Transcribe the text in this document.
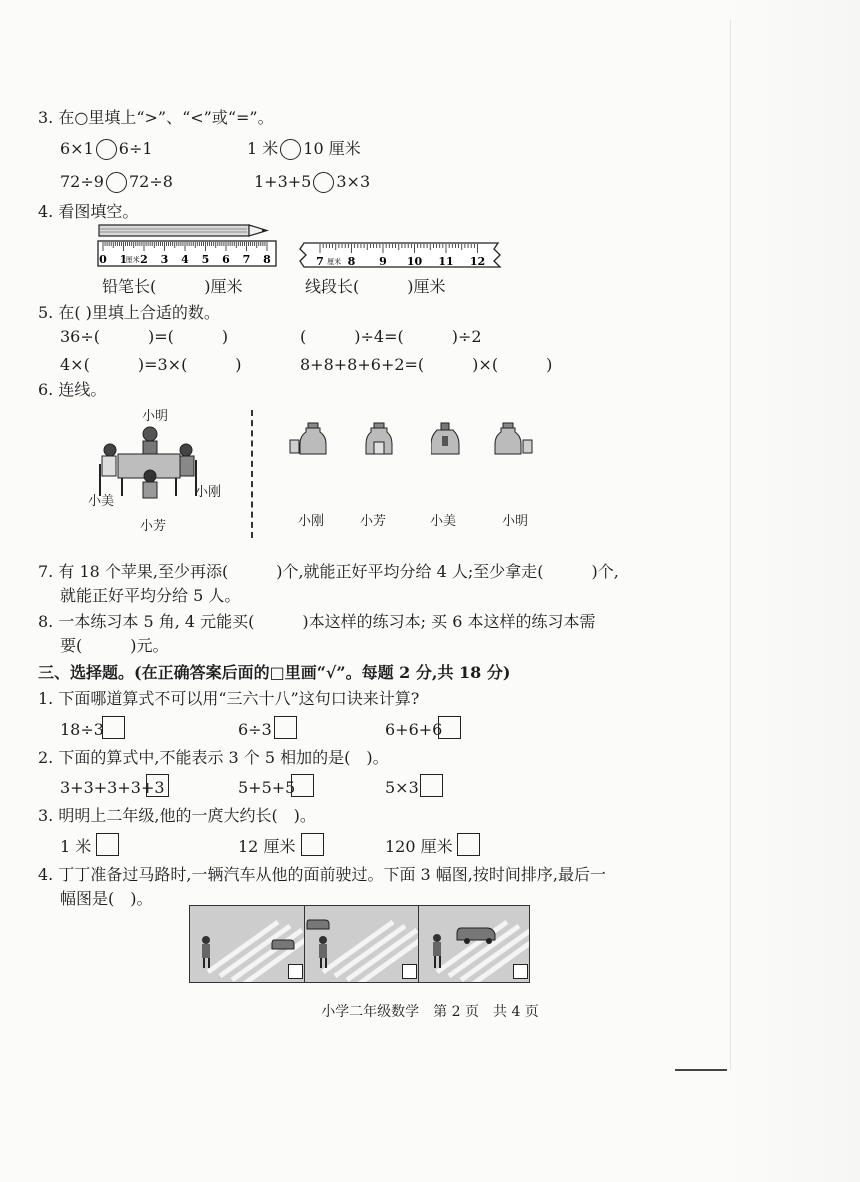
3. 在○里填上“>”、“<”或“=”。
6×1 6÷1	1 米 10 厘米
72÷9 72÷8	1+3+5 3×3
4. 看图填空。
0 1 2 3 4 5 6 7 8
厘米	7 8 9 10 11 12
厘米
铅笔长(　　　)厘米	线段长(　　　)厘米
5. 在( )里填上合适的数。
36÷(　　　)=(　　　)	(　　　)÷4=(　　　)÷2
4×(　　　)=3×(　　　)	8+8+8+6+2=(　　　)×(　　　)
6. 连线。
小明
小美
小刚
小芳	小刚	小芳	小美	小明
7. 有 18 个苹果,至少再添(　　　)个,就能正好平均分给 4 人;至少拿走(　　　)个,
就能正好平均分给 5 人。
8. 一本练习本 5 角, 4 元能买(　　　)本这样的练习本; 买 6 本这样的练习本需
要(　　　)元。
三、选择题。(在正确答案后面的□里画“√”。每题 2 分,共 18 分)
1. 下面哪道算式不可以用“三六十八”这句口诀来计算?
18÷3	6÷3	6+6+6
2. 下面的算式中,不能表示 3 个 5 相加的是(　)。
3+3+3+3+3	5+5+5	5×3
3. 明明上二年级,他的一庹大约长(　)。
1 米	12 厘米	120 厘米
4. 丁丁准备过马路时,一辆汽车从他的面前驶过。下面 3 幅图,按时间排序,最后一
幅图是(　)。
小学二年级数学　第 2 页　共 4 页
